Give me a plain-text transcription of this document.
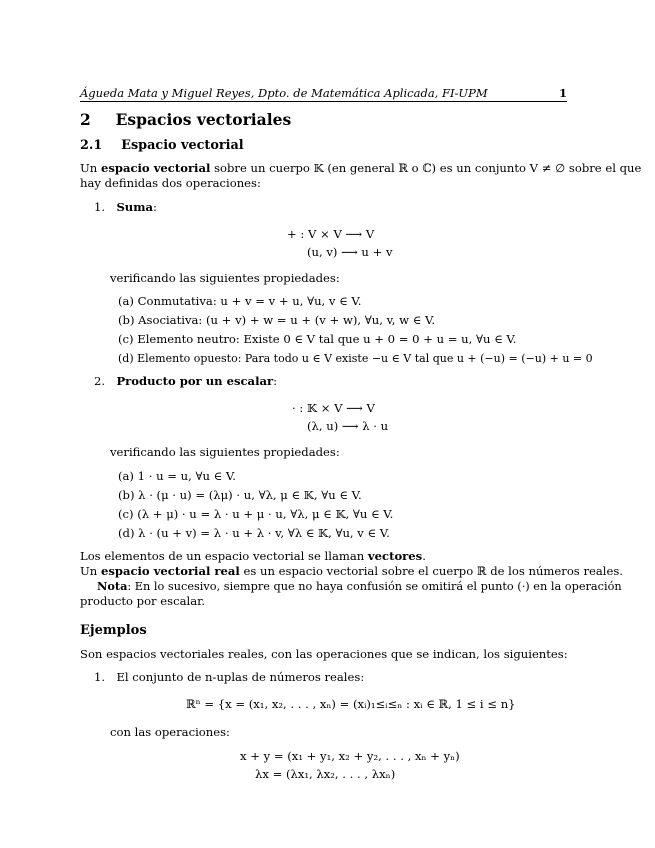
Águeda Mata y Miguel Reyes, Dpto. de Matemática Aplicada, FI-UPM	1
2 Espacios vectoriales
2.1 Espacio vectorial
Un espacio vectorial sobre un cuerpo 𝕂 (en general ℝ o ℂ) es un conjunto V ≠ ∅ sobre el que
hay definidas dos operaciones:
1. Suma:
+ : V × V ⟶ V
(u, v) ⟶ u + v
verificando las siguientes propiedades:
(a) Conmutativa: u + v = v + u, ∀u, v ∈ V.
(b) Asociativa: (u + v) + w = u + (v + w), ∀u, v, w ∈ V.
(c) Elemento neutro: Existe 0 ∈ V tal que u + 0 = 0 + u = u, ∀u ∈ V.
(d) Elemento opuesto: Para todo u ∈ V existe −u ∈ V tal que u + (−u) = (−u) + u = 0
2. Producto por un escalar:
· : 𝕂 × V ⟶ V
(λ, u) ⟶ λ · u
verificando las siguientes propiedades:
(a) 1 · u = u, ∀u ∈ V.
(b) λ · (μ · u) = (λμ) · u, ∀λ, μ ∈ 𝕂, ∀u ∈ V.
(c) (λ + μ) · u = λ · u + μ · u, ∀λ, μ ∈ 𝕂, ∀u ∈ V.
(d) λ · (u + v) = λ · u + λ · v, ∀λ ∈ 𝕂, ∀u, v ∈ V.
Los elementos de un espacio vectorial se llaman vectores.
Un espacio vectorial real es un espacio vectorial sobre el cuerpo ℝ de los números reales.
Nota: En lo sucesivo, siempre que no haya confusión se omitirá el punto (·) en la operación
producto por escalar.
Ejemplos
Son espacios vectoriales reales, con las operaciones que se indican, los siguientes:
1. El conjunto de n-uplas de números reales:
ℝⁿ = {x = (x₁, x₂, . . . , xₙ) = (xᵢ)₁≤ᵢ≤ₙ : xᵢ ∈ ℝ, 1 ≤ i ≤ n}
con las operaciones:
x + y = (x₁ + y₁, x₂ + y₂, . . . , xₙ + yₙ)
λx = (λx₁, λx₂, . . . , λxₙ)
